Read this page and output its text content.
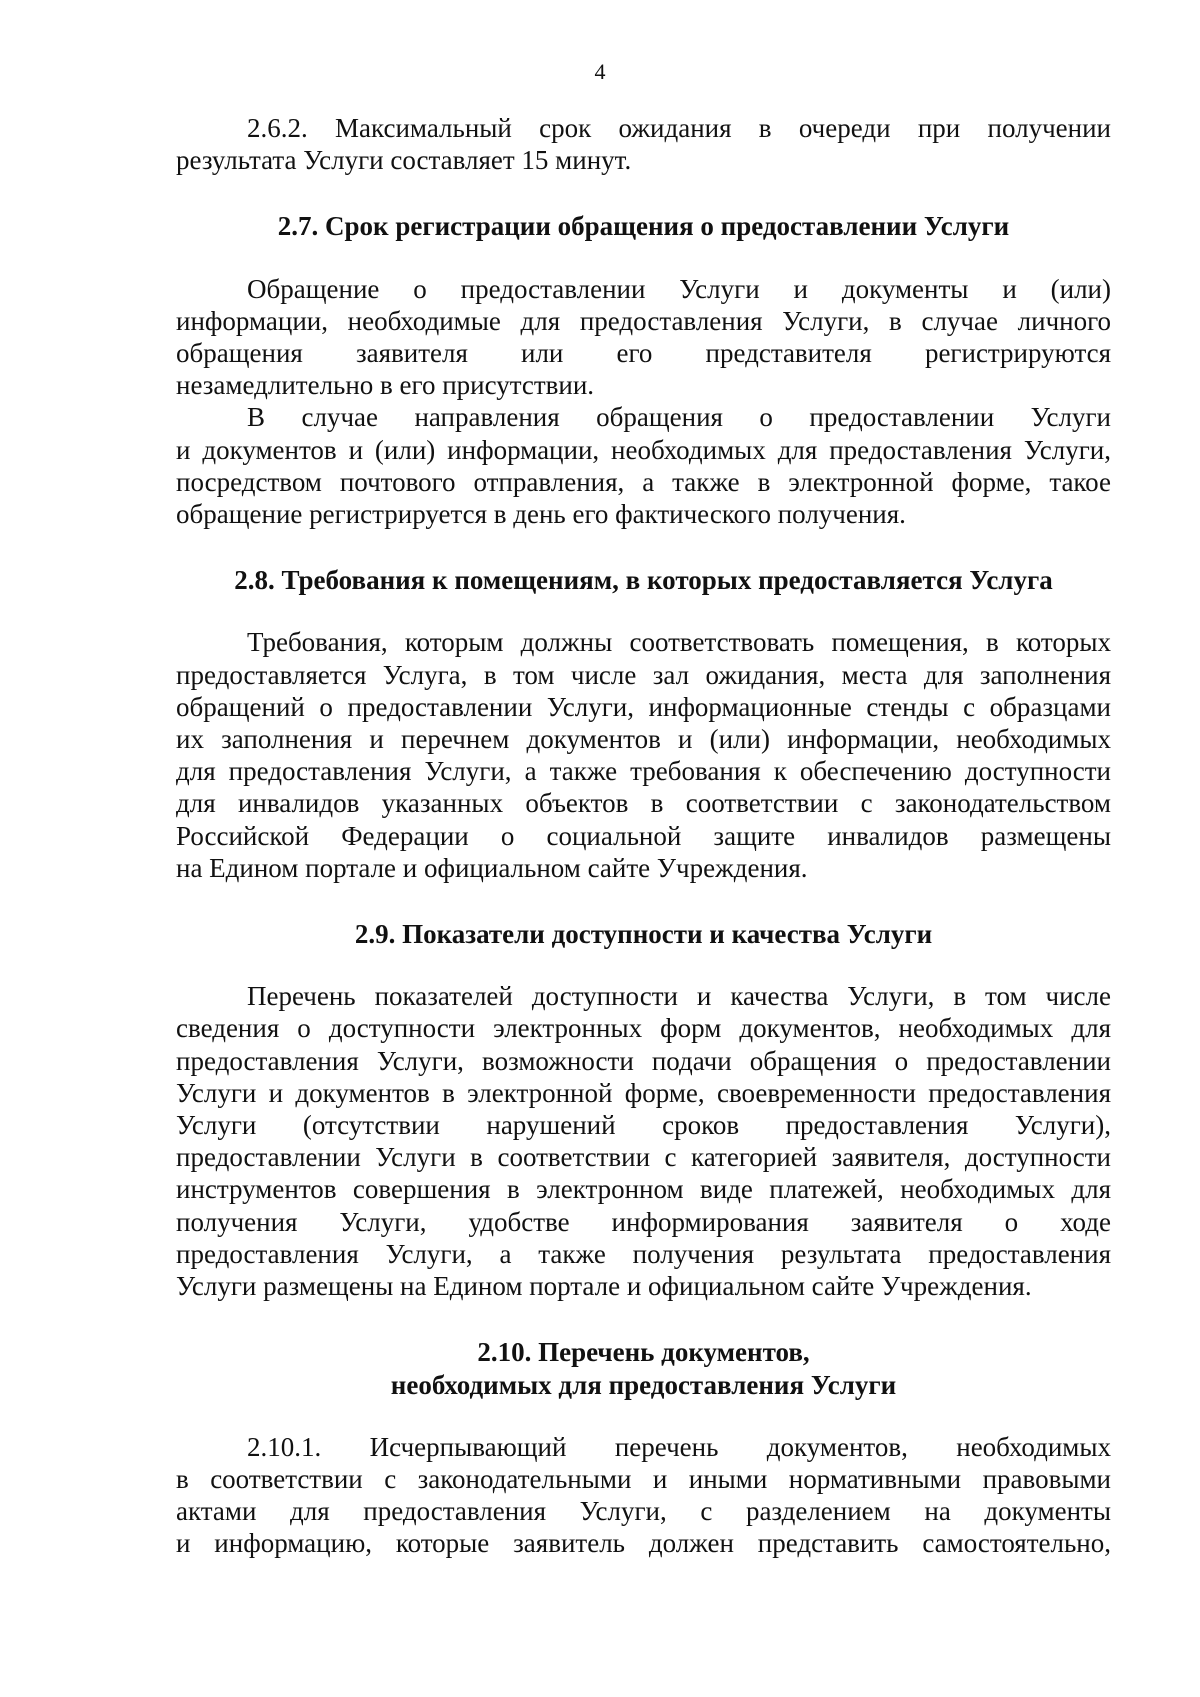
4

2.6.2. Максимальный срок ожидания в очереди при получении
результата Услуги составляет 15 минут.

2.7. Срок регистрации обращения о предоставлении Услуги

Обращение о предоставлении Услуги и документы и (или)
информации, необходимые для предоставления Услуги, в случае личного
обращения заявителя или его представителя регистрируются
незамедлительно в его присутствии.

В случае направления обращения о предоставлении Услуги
и документов и (или) информации, необходимых для предоставления Услуги,
посредством почтового отправления, а также в электронной форме, такое
обращение регистрируется в день его фактического получения.

2.8. Требования к помещениям, в которых предоставляется Услуга

Требования, которым должны соответствовать помещения, в которых
предоставляется Услуга, в том числе зал ожидания, места для заполнения
обращений о предоставлении Услуги, информационные стенды с образцами
их заполнения и перечнем документов и (или) информации, необходимых
для предоставления Услуги, а также требования к обеспечению доступности
для инвалидов указанных объектов в соответствии с законодательством
Российской Федерации о социальной защите инвалидов размещены
на Едином портале и официальном сайте Учреждения.

2.9. Показатели доступности и качества Услуги

Перечень показателей доступности и качества Услуги, в том числе
сведения о доступности электронных форм документов, необходимых для
предоставления Услуги, возможности подачи обращения о предоставлении
Услуги и документов в электронной форме, своевременности предоставления
Услуги (отсутствии нарушений сроков предоставления Услуги),
предоставлении Услуги в соответствии с категорией заявителя, доступности
инструментов совершения в электронном виде платежей, необходимых для
получения Услуги, удобстве информирования заявителя о ходе
предоставления Услуги, а также получения результата предоставления
Услуги размещены на Едином портале и официальном сайте Учреждения.

2.10. Перечень документов,
необходимых для предоставления Услуги

2.10.1. Исчерпывающий перечень документов, необходимых
в соответствии с законодательными и иными нормативными правовыми
актами для предоставления Услуги, с разделением на документы
и информацию, которые заявитель должен представить самостоятельно,
